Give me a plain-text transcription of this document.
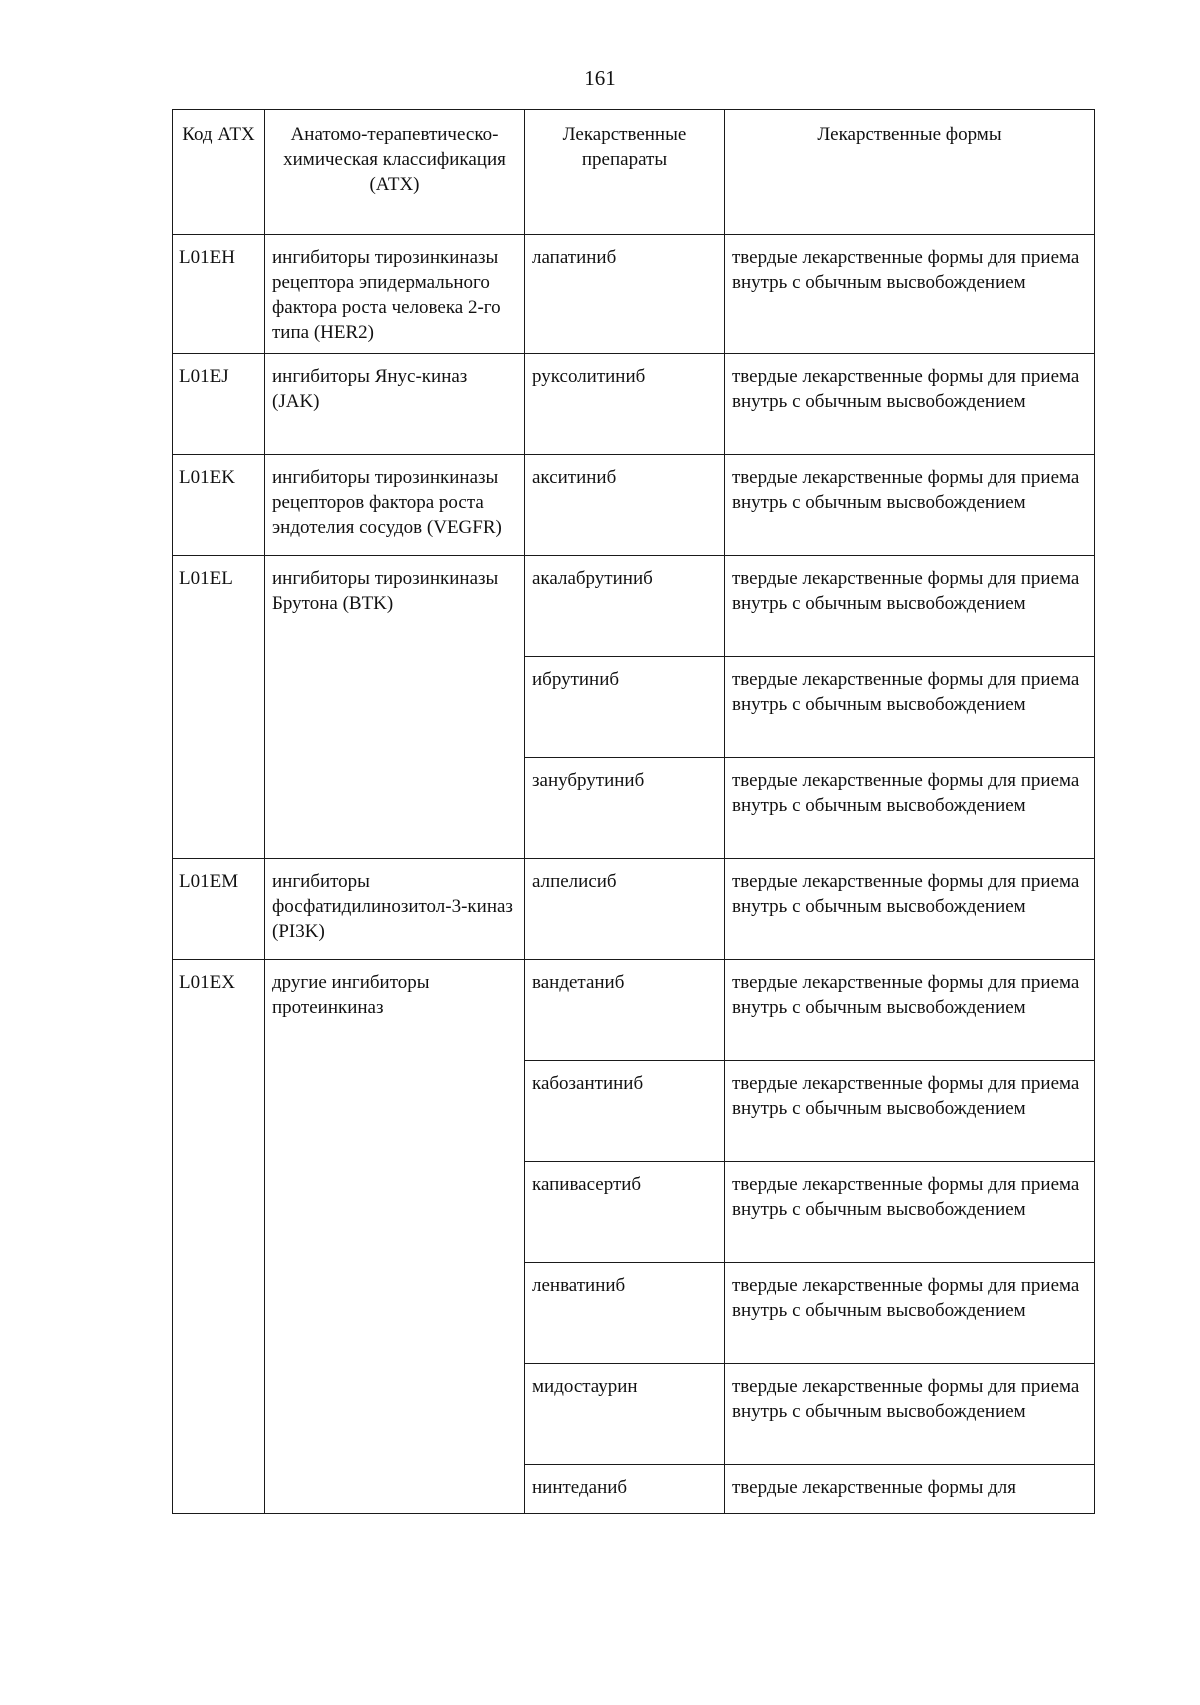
161
Код АТХ	Анатомо-терапевтическо-химическая классификация (АТХ)	Лекарственные препараты	Лекарственные формы
L01EH	ингибиторы тирозинкиназы рецептора эпидермального фактора роста человека 2-го типа (HER2)	лапатиниб	твердые лекарственные формы для приема внутрь с обычным высвобождением
L01EJ	ингибиторы Янус-киназ (JAK)	руксолитиниб	твердые лекарственные формы для приема внутрь с обычным высвобождением
L01EK	ингибиторы тирозинкиназы рецепторов фактора роста эндотелия сосудов (VEGFR)	акситиниб	твердые лекарственные формы для приема внутрь с обычным высвобождением
L01EL	ингибиторы тирозинкиназы Брутона (BTK)	акалабрутиниб	твердые лекарственные формы для приема внутрь с обычным высвобождением
		ибрутиниб	твердые лекарственные формы для приема внутрь с обычным высвобождением
		занубрутиниб	твердые лекарственные формы для приема внутрь с обычным высвобождением
L01EM	ингибиторы фосфатидилинозитол-3-киназ (PI3K)	алпелисиб	твердые лекарственные формы для приема внутрь с обычным высвобождением
L01EX	другие ингибиторы протеинкиназ	вандетаниб	твердые лекарственные формы для приема внутрь с обычным высвобождением
		кабозантиниб	твердые лекарственные формы для приема внутрь с обычным высвобождением
		капивасертиб	твердые лекарственные формы для приема внутрь с обычным высвобождением
		ленватиниб	твердые лекарственные формы для приема внутрь с обычным высвобождением
		мидостаурин	твердые лекарственные формы для приема внутрь с обычным высвобождением
		нинтеданиб	твердые лекарственные формы для
